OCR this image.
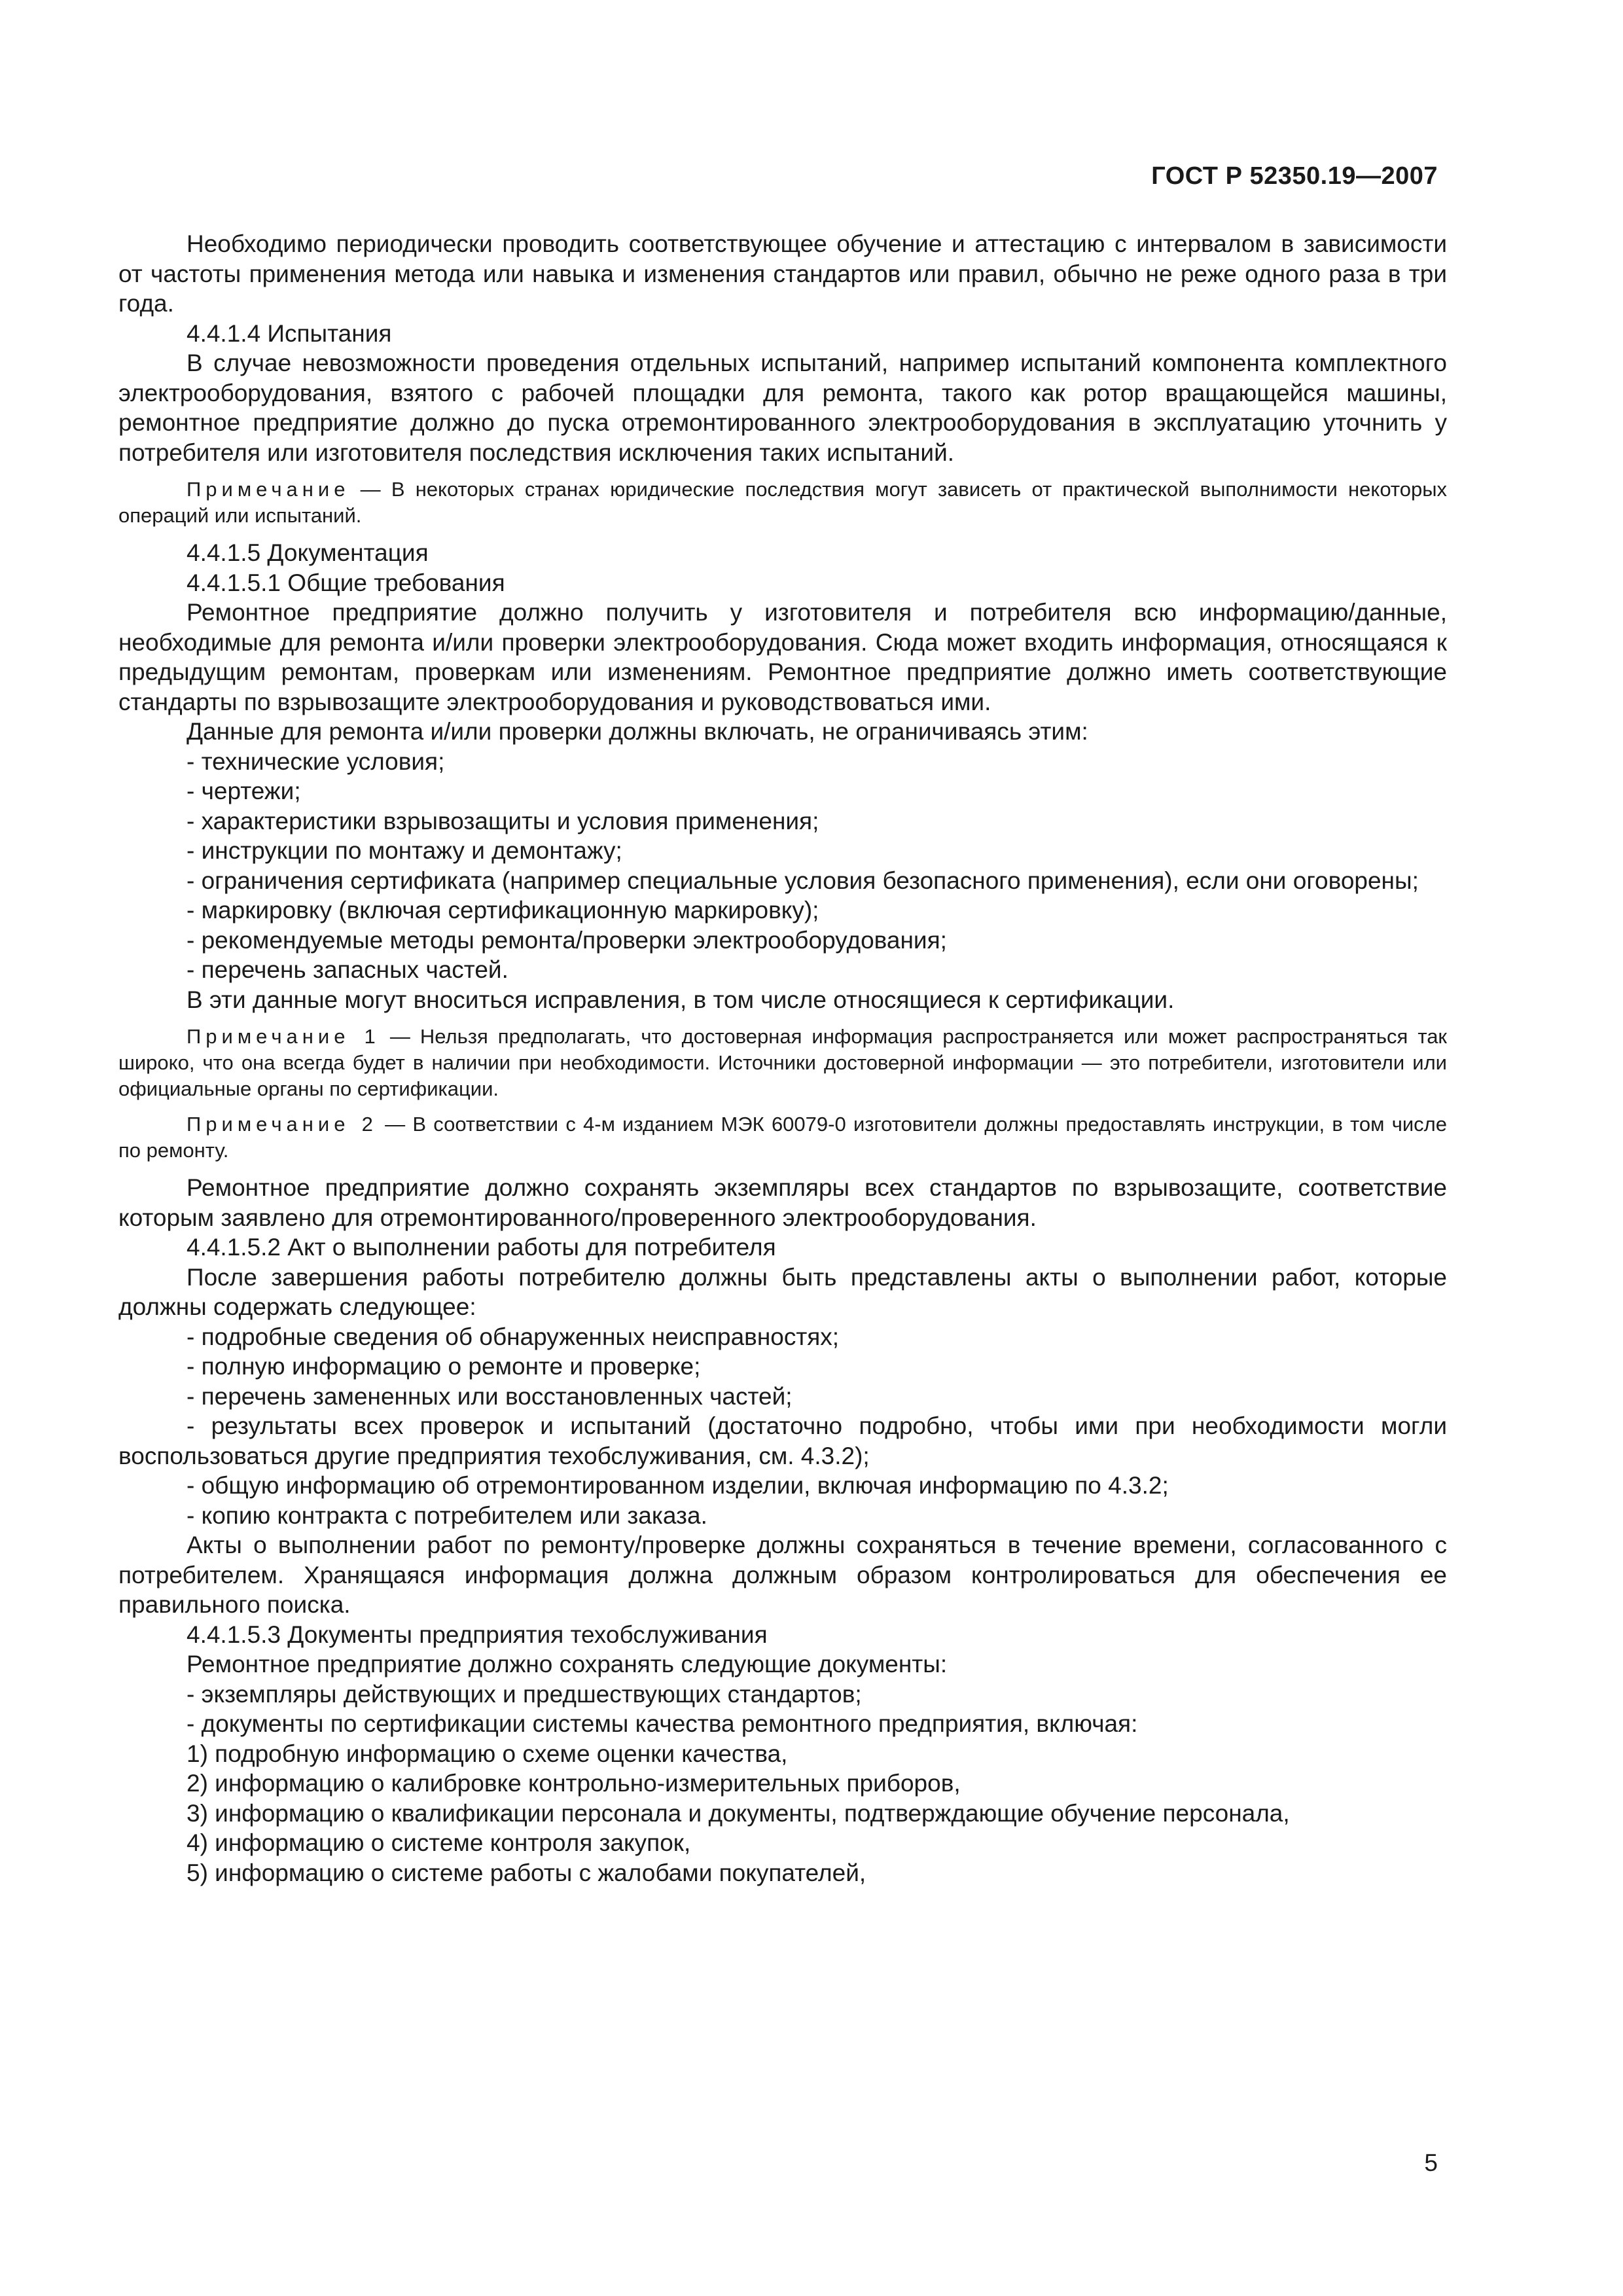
ГОСТ Р 52350.19—2007

Необходимо периодически проводить соответствующее обучение и аттестацию с интервалом в зависимости от частоты применения метода или навыка и изменения стандартов или правил, обычно не реже одного раза в три года.

4.4.1.4 Испытания

В случае невозможности проведения отдельных испытаний, например испытаний компонента комплектного электрооборудования, взятого с рабочей площадки для ремонта, такого как ротор вращающейся машины, ремонтное предприятие должно до пуска отремонтированного электрооборудования в эксплуатацию уточнить у потребителя или изготовителя последствия исключения таких испытаний.

Примечание — В некоторых странах юридические последствия могут зависеть от практической выполнимости некоторых операций или испытаний.

4.4.1.5 Документация

4.4.1.5.1 Общие требования

Ремонтное предприятие должно получить у изготовителя и потребителя всю информацию/данные, необходимые для ремонта и/или проверки электрооборудования. Сюда может входить информация, относящаяся к предыдущим ремонтам, проверкам или изменениям. Ремонтное предприятие должно иметь соответствующие стандарты по взрывозащите электрооборудования и руководствоваться ими.

Данные для ремонта и/или проверки должны включать, не ограничиваясь этим:

- технические условия;

- чертежи;

- характеристики взрывозащиты и условия применения;

- инструкции по монтажу и демонтажу;

- ограничения сертификата (например специальные условия безопасного применения), если они оговорены;

- маркировку (включая сертификационную маркировку);

- рекомендуемые методы ремонта/проверки электрооборудования;

- перечень запасных частей.

В эти данные могут вноситься исправления, в том числе относящиеся к сертификации.

Примечание 1 — Нельзя предполагать, что достоверная информация распространяется или может распространяться так широко, что она всегда будет в наличии при необходимости. Источники достоверной информации — это потребители, изготовители или официальные органы по сертификации.

Примечание 2 — В соответствии с 4-м изданием МЭК 60079-0 изготовители должны предоставлять инструкции, в том числе по ремонту.

Ремонтное предприятие должно сохранять экземпляры всех стандартов по взрывозащите, соответствие которым заявлено для отремонтированного/проверенного электрооборудования.

4.4.1.5.2 Акт о выполнении работы для потребителя

После завершения работы потребителю должны быть представлены акты о выполнении работ, которые должны содержать следующее:

- подробные сведения об обнаруженных неисправностях;

- полную информацию о ремонте и проверке;

- перечень замененных или восстановленных частей;

- результаты всех проверок и испытаний (достаточно подробно, чтобы ими при необходимости могли воспользоваться другие предприятия техобслуживания, см. 4.3.2);

- общую информацию об отремонтированном изделии, включая информацию по 4.3.2;

- копию контракта с потребителем или заказа.

Акты о выполнении работ по ремонту/проверке должны сохраняться в течение времени, согласованного с потребителем. Хранящаяся информация должна должным образом контролироваться для обеспечения ее правильного поиска.

4.4.1.5.3 Документы предприятия техобслуживания

Ремонтное предприятие должно сохранять следующие документы:

- экземпляры действующих и предшествующих стандартов;

- документы по сертификации системы качества ремонтного предприятия, включая:

1) подробную информацию о схеме оценки качества,

2) информацию о калибровке контрольно-измерительных приборов,

3) информацию о квалификации персонала и документы, подтверждающие обучение персонала,

4) информацию о системе контроля закупок,

5) информацию о системе работы с жалобами покупателей,

5
